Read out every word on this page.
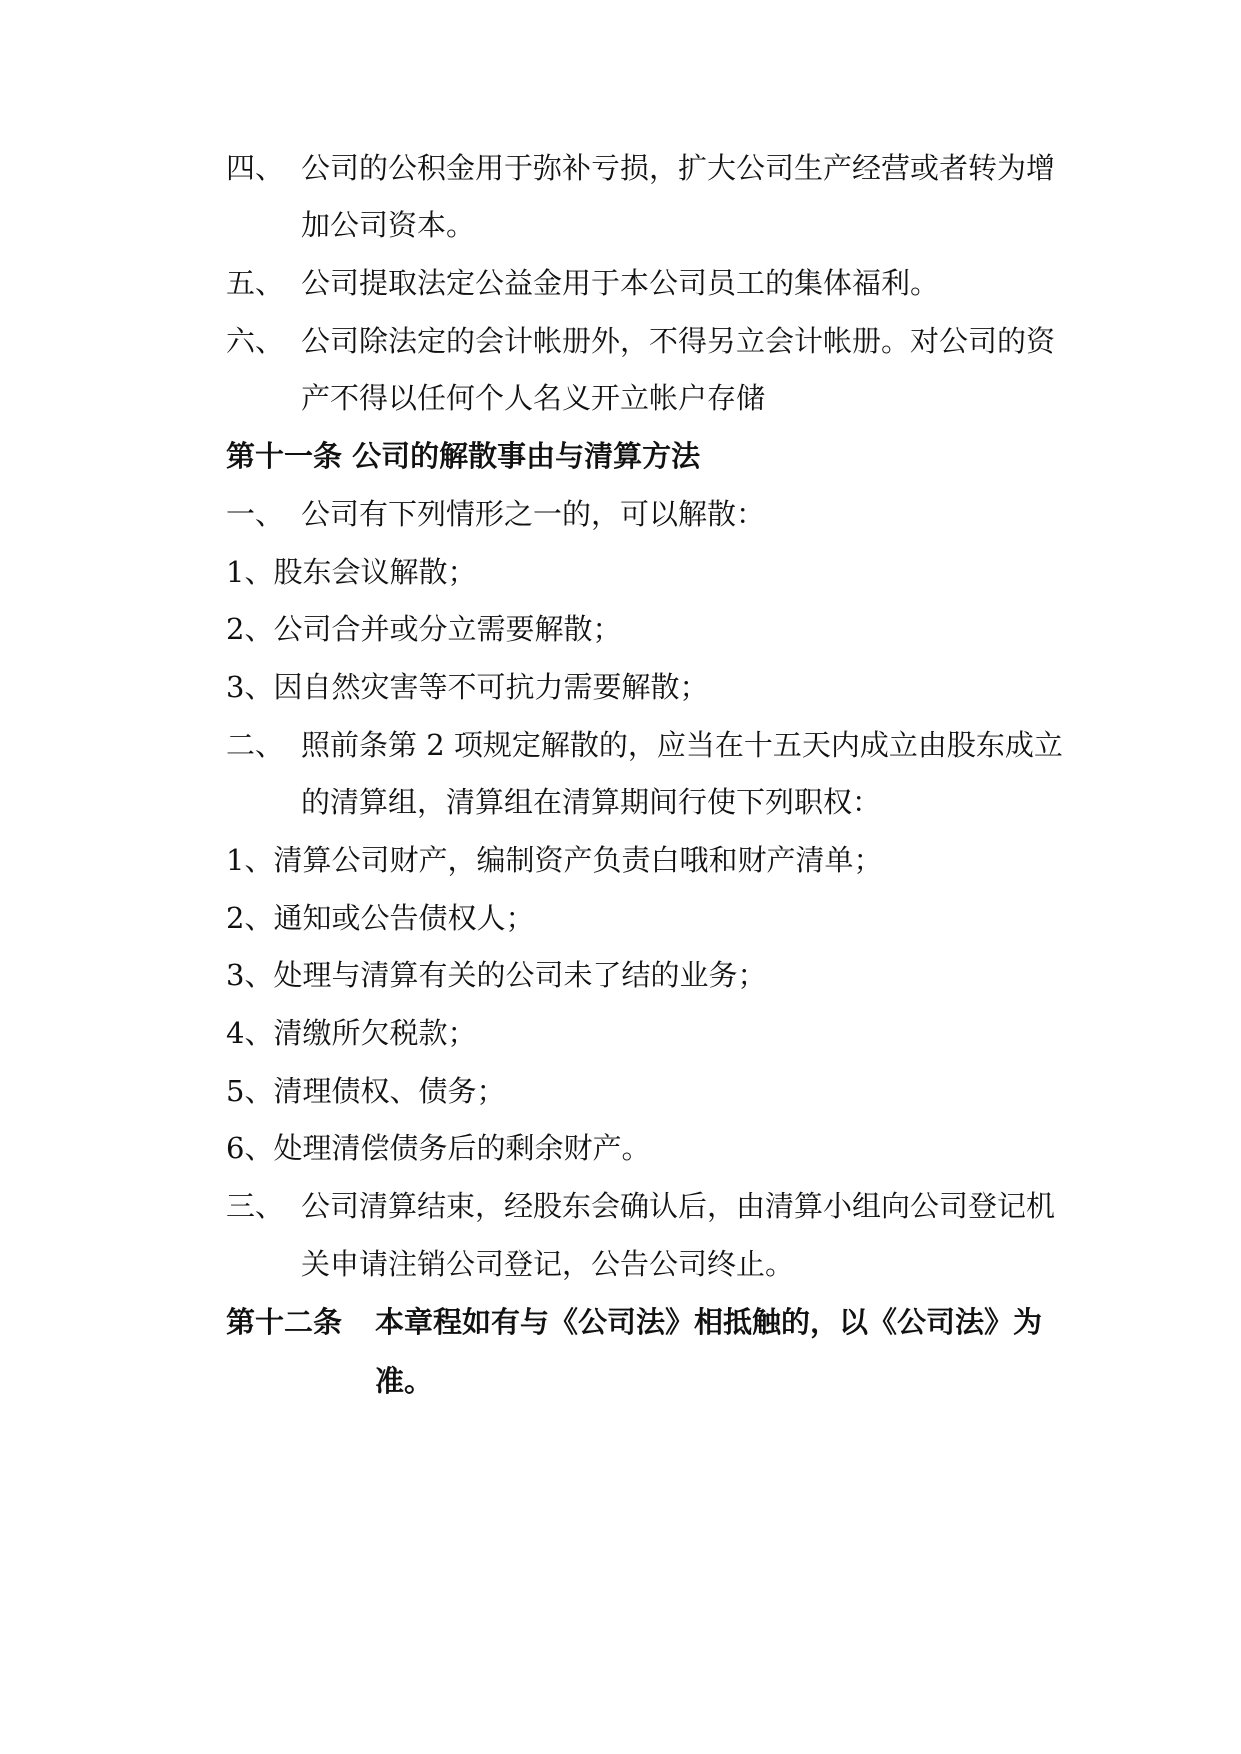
四、 公司的公积金用于弥补亏损，扩大公司生产经营或者转为增
加公司资本。
五、 公司提取法定公益金用于本公司员工的集体福利。
六、 公司除法定的会计帐册外，不得另立会计帐册。对公司的资
产不得以任何个人名义开立帐户存储
第十一条 公司的解散事由与清算方法
一、 公司有下列情形之一的，可以解散：
1、股东会议解散；
2、公司合并或分立需要解散；
3、因自然灾害等不可抗力需要解散；
二、 照前条第 2 项规定解散的，应当在十五天内成立由股东成立
的清算组，清算组在清算期间行使下列职权：
1、清算公司财产，编制资产负责白哦和财产清单；
2、通知或公告债权人；
3、处理与清算有关的公司未了结的业务；
4、清缴所欠税款；
5、清理债权、债务；
6、处理清偿债务后的剩余财产。
三、 公司清算结束，经股东会确认后，由清算小组向公司登记机
关申请注销公司登记，公告公司终止。
第十二条 本章程如有与《公司法》相抵触的，以《公司法》为
准。
